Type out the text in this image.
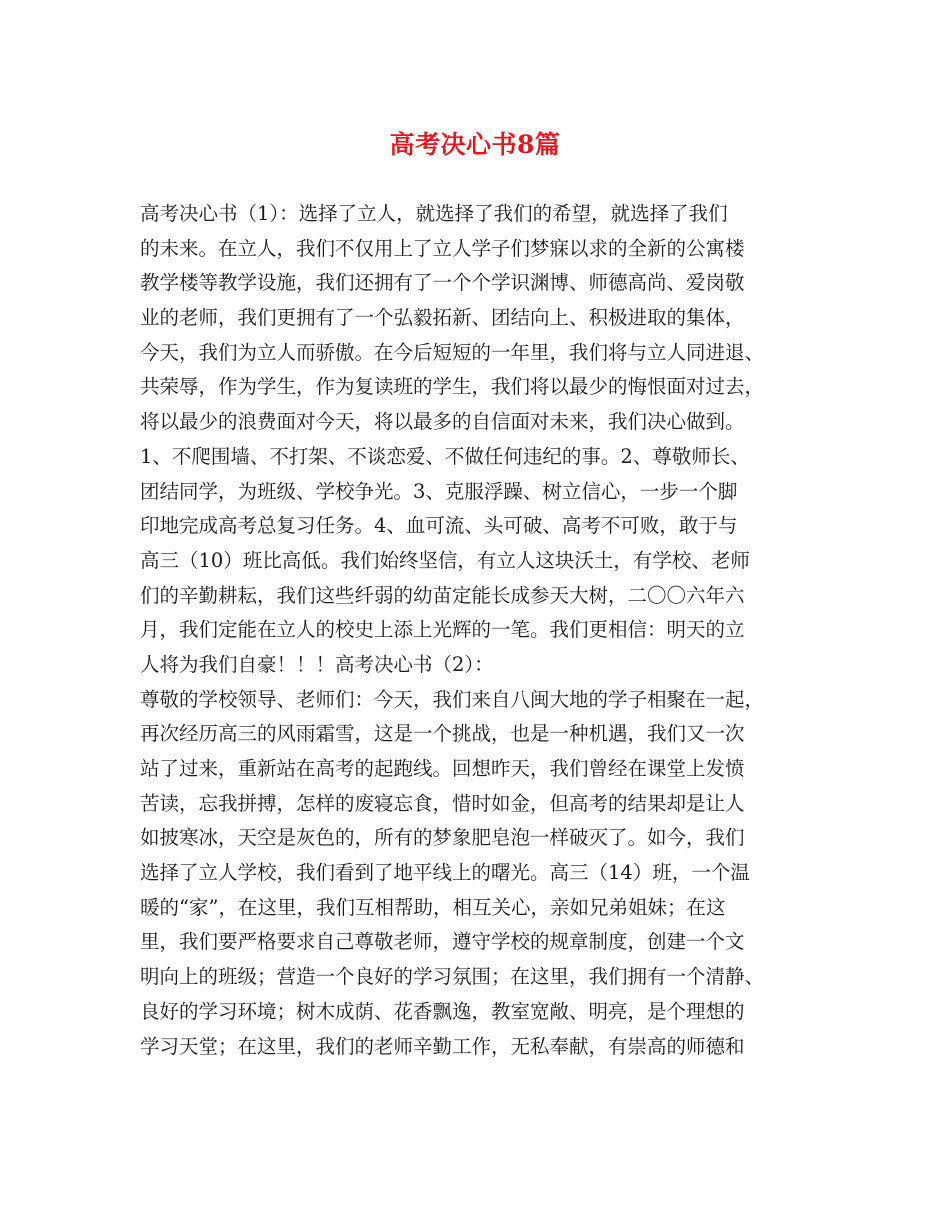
高考决心书8篇
高考决心书（1）：选择了立人，就选择了我们的希望，就选择了我们
的未来。在立人，我们不仅用上了立人学子们梦寐以求的全新的公寓楼
教学楼等教学设施，我们还拥有了一个个学识渊博、师德高尚、爱岗敬
业的老师，我们更拥有了一个弘毅拓新、团结向上、积极进取的集体，
今天，我们为立人而骄傲。在今后短短的一年里，我们将与立人同进退、
共荣辱，作为学生，作为复读班的学生，我们将以最少的悔恨面对过去，
将以最少的浪费面对今天，将以最多的自信面对未来，我们决心做到。
1、不爬围墙、不打架、不谈恋爱、不做任何违纪的事。2、尊敬师长、
团结同学，为班级、学校争光。3、克服浮躁、树立信心，一步一个脚
印地完成高考总复习任务。4、血可流、头可破、高考不可败，敢于与
高三（10）班比高低。我们始终坚信，有立人这块沃土，有学校、老师
们的辛勤耕耘，我们这些纤弱的幼苗定能长成参天大树，二〇〇六年六
月，我们定能在立人的校史上添上光辉的一笔。我们更相信：明天的立
人将为我们自豪！！！高考决心书（2）：
尊敬的学校领导、老师们：今天，我们来自八闽大地的学子相聚在一起，
再次经历高三的风雨霜雪，这是一个挑战，也是一种机遇，我们又一次
站了过来，重新站在高考的起跑线。回想昨天，我们曾经在课堂上发愤
苦读，忘我拼搏，怎样的废寝忘食，惜时如金，但高考的结果却是让人
如披寒冰，天空是灰色的，所有的梦象肥皂泡一样破灭了。如今，我们
选择了立人学校，我们看到了地平线上的曙光。高三（14）班，一个温
暖的“家”，在这里，我们互相帮助，相互关心，亲如兄弟姐妹；在这
里，我们要严格要求自己尊敬老师，遵守学校的规章制度，创建一个文
明向上的班级；营造一个良好的学习氛围；在这里，我们拥有一个清静、
良好的学习环境；树木成荫、花香飘逸，教室宽敞、明亮，是个理想的
学习天堂；在这里，我们的老师辛勤工作，无私奉献，有崇高的师德和
